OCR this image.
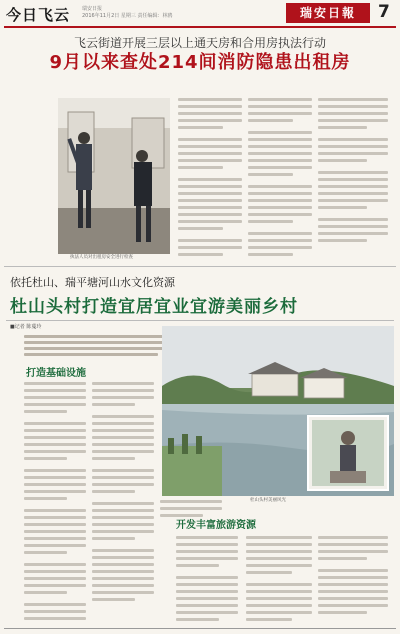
今日飞云 瑞安日报
2016年11月2日 星期三 责任编辑：林鸥	瑞安日報	7
飞云街道开展三层以上通天房和合用房执法行动
9月以来查处214间消防隐患出租房
执法人员对出租房安全进行检查
依托杜山、瑞平塘河山水文化资源
杜山头村打造宜居宜业宜游美丽乡村
■记者 陈蔓玲
打造基础设施
杜山头村美丽风光
开发丰富旅游资源
